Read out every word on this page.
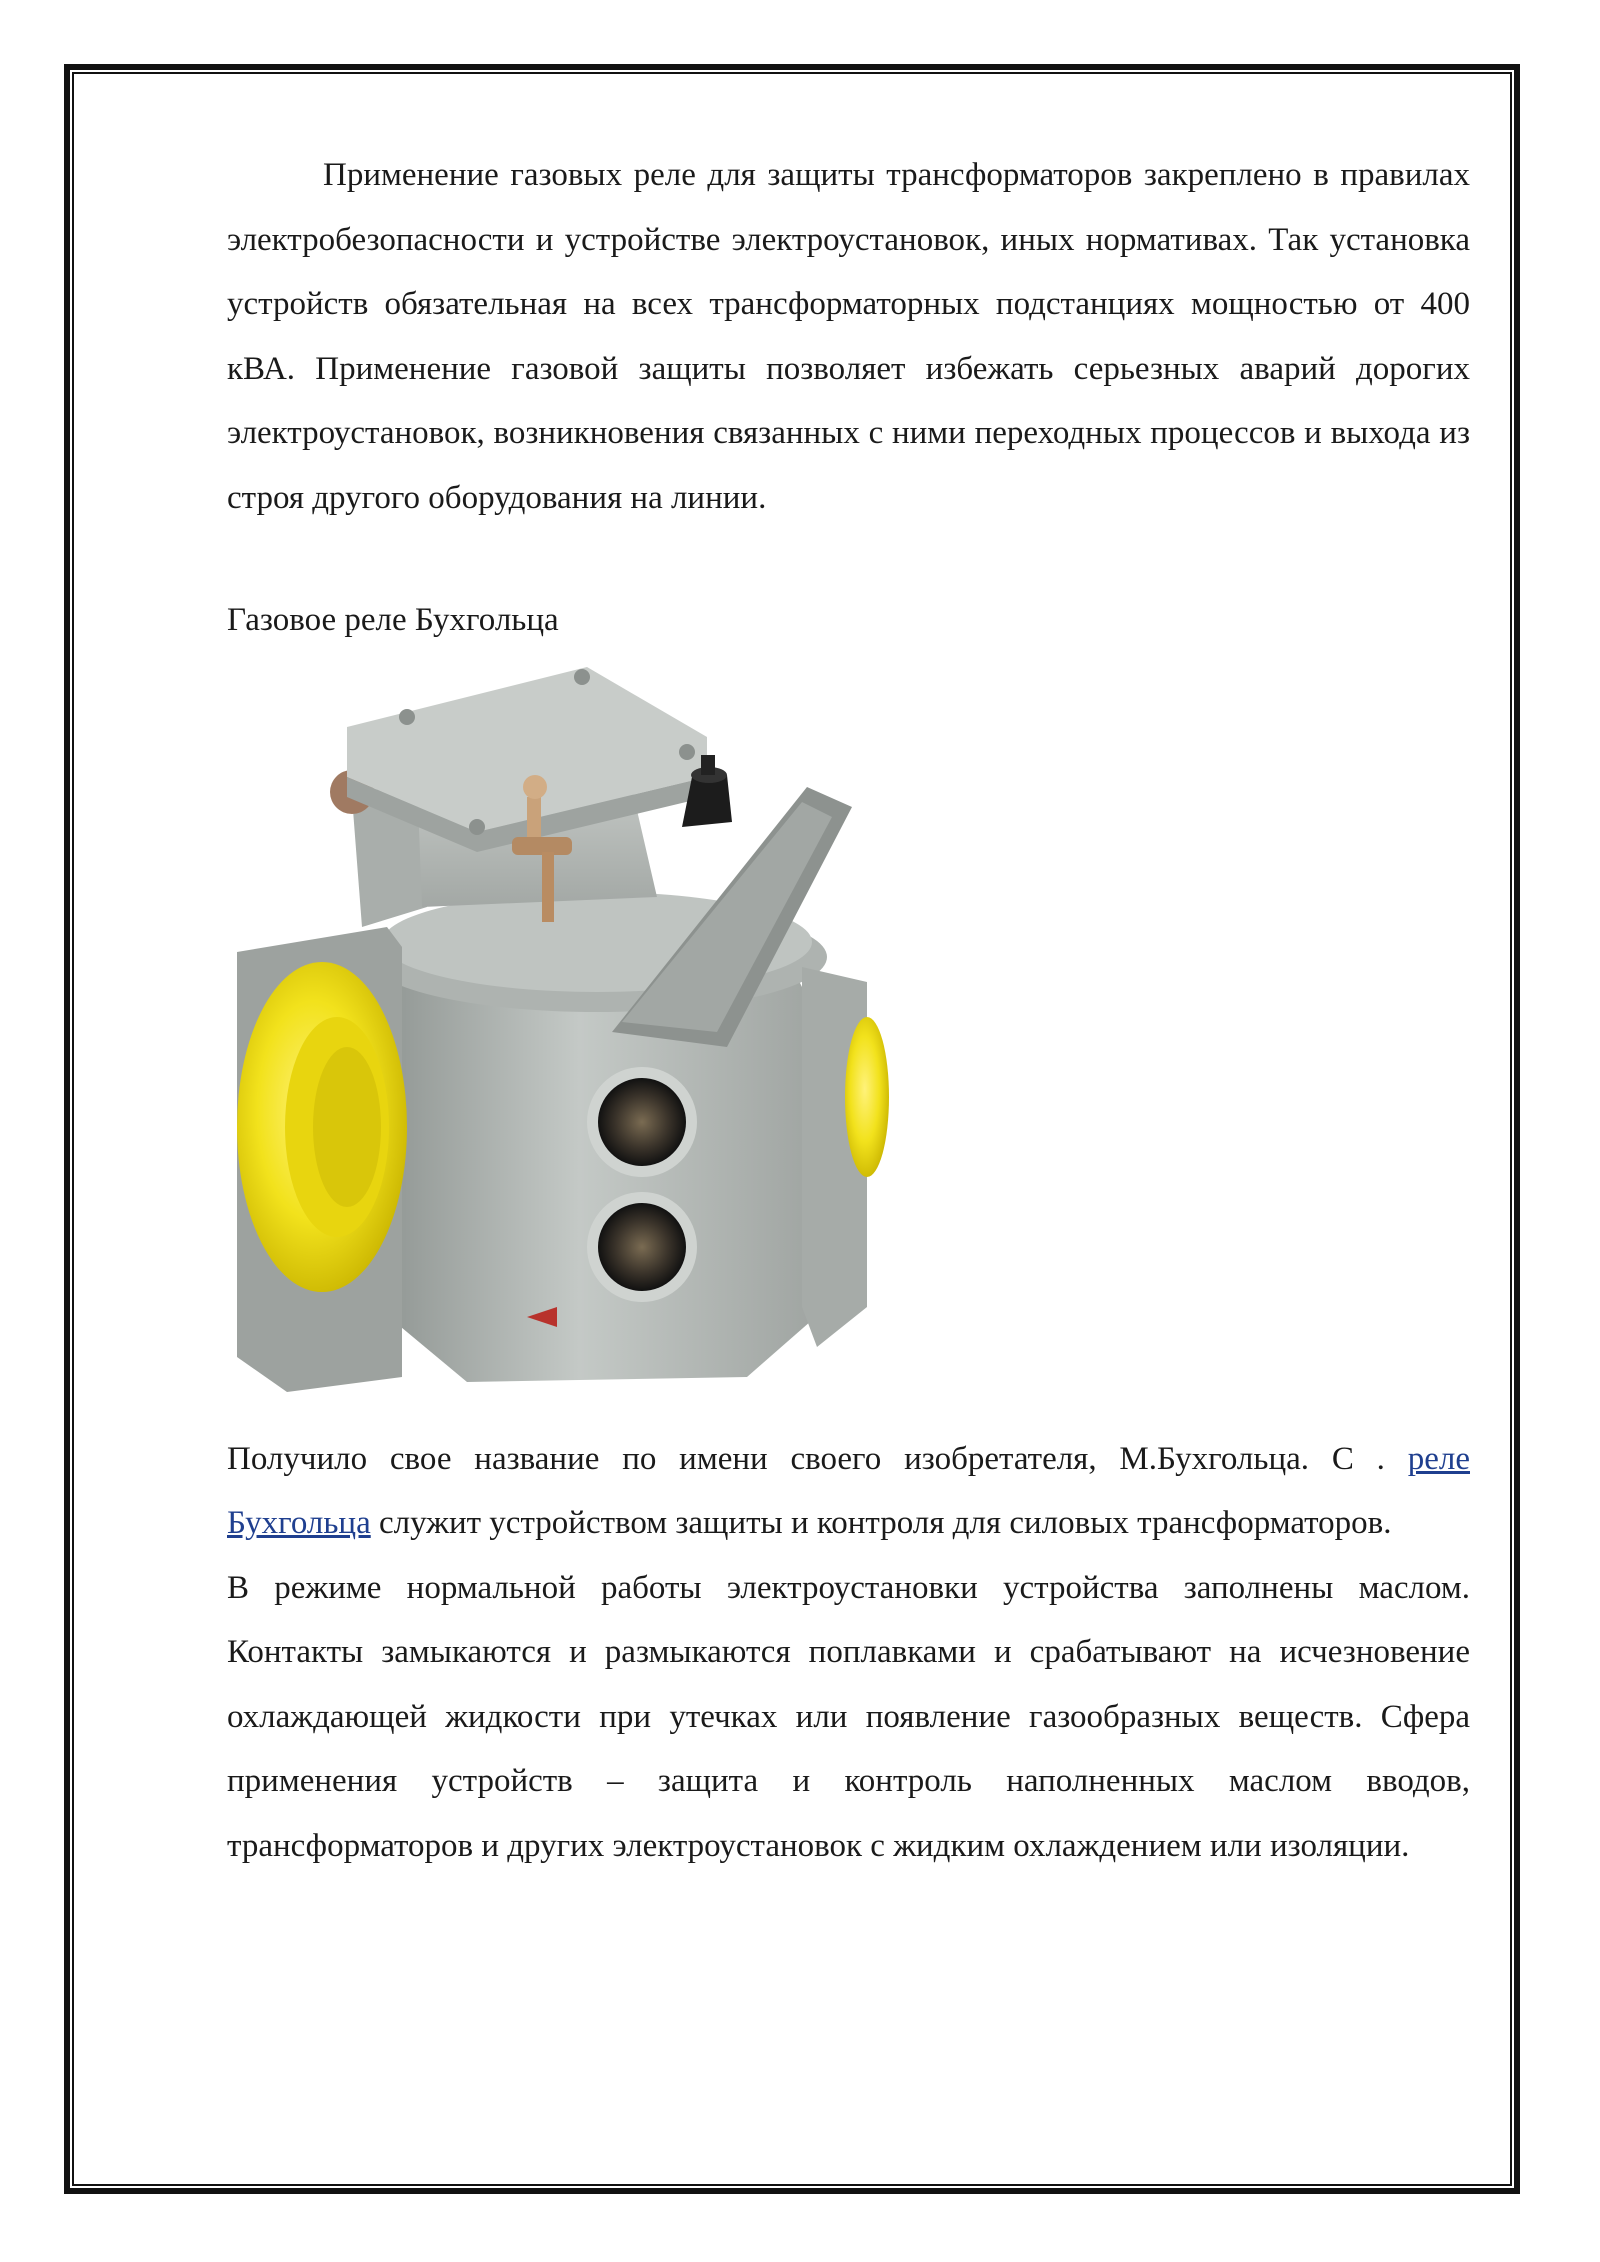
Применение газовых реле для защиты трансформаторов закреплено в правилах электробезопасности и устройстве электроустановок, иных нормативах. Так установка устройств обязательная на всех трансформаторных подстанциях мощностью от 400 кВА. Применение газовой защиты позволяет избежать серьезных аварий дорогих электроустановок, возникновения связанных с ними переходных процессов и выхода из строя другого оборудования на линии.

Газовое реле Бухгольца

Получило свое название по имени своего изобретателя, М.Бухгольца. С . реле Бухгольца служит устройством защиты и контроля для силовых трансформаторов.

В режиме нормальной работы электроустановки устройства заполнены маслом. Контакты замыкаются и размыкаются поплавками и срабатывают на исчезновение охлаждающей жидкости при утечках или появление газообразных веществ. Сфера применения устройств – защита и контроль наполненных маслом вводов, трансформаторов и других электроустановок с жидким охлаждением или изоляции.
